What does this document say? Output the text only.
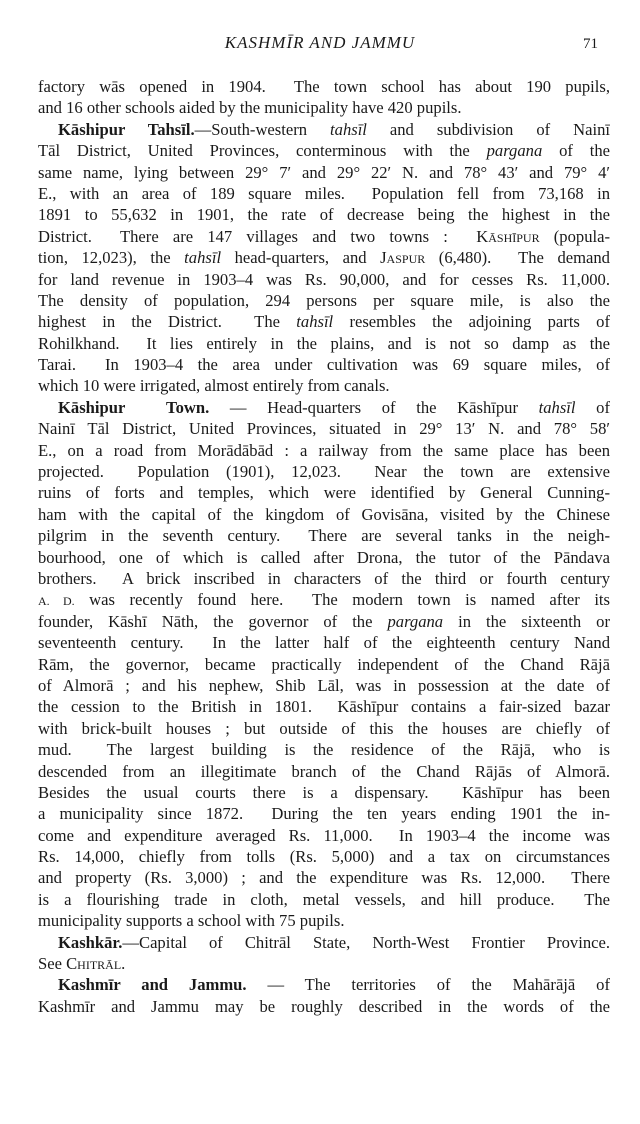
KASHMĪR AND JAMMU	71
factory wās opened in 1904.  The town school has about 190 pupils,
and 16 other schools aided by the municipality have 420 pupils.
Kāshipur Tahsīl.—South-western tahsīl and subdivision of Nainī
Tāl District, United Provinces, conterminous with the pargana of the
same name, lying between 29° 7′ and 29° 22′ N. and 78° 43′ and 79° 4′
E., with an area of 189 square miles.  Population fell from 73,168 in
1891 to 55,632 in 1901, the rate of decrease being the highest in the
District.  There are 147 villages and two towns :  Kāshīpur (popula-
tion, 12,023), the tahsīl head-quarters, and Jaspur (6,480).  The demand
for land revenue in 1903–4 was Rs. 90,000, and for cesses Rs. 11,000.
The density of population, 294 persons per square mile, is also the
highest in the District.  The tahsīl resembles the adjoining parts of
Rohilkhand.  It lies entirely in the plains, and is not so damp as the
Tarai.  In 1903–4 the area under cultivation was 69 square miles, of
which 10 were irrigated, almost entirely from canals.
Kāshipur  Town. — Head-quarters of the Kāshīpur tahsīl of
Nainī Tāl District, United Provinces, situated in 29° 13′ N. and 78° 58′
E., on a road from Morādābād : a railway from the same place has been
projected.  Population (1901), 12,023.  Near the town are extensive
ruins of forts and temples, which were identified by General Cunning-
ham with the capital of the kingdom of Govisāna, visited by the Chinese
pilgrim in the seventh century.  There are several tanks in the neigh-
bourhood, one of which is called after Drona, the tutor of the Pāndava
brothers.  A brick inscribed in characters of the third or fourth century
A. D. was recently found here.  The modern town is named after its
founder, Kāshī Nāth, the governor of the pargana in the sixteenth or
seventeenth century.  In the latter half of the eighteenth century Nand
Rām, the governor, became practically independent of the Chand Rājā
of Almorā ; and his nephew, Shib Lāl, was in possession at the date of
the cession to the British in 1801.  Kāshīpur contains a fair-sized bazar
with brick-built houses ; but outside of this the houses are chiefly of
mud.  The largest building is the residence of the Rājā, who is
descended from an illegitimate branch of the Chand Rājās of Almorā.
Besides the usual courts there is a dispensary.  Kāshīpur has been
a municipality since 1872.  During the ten years ending 1901 the in-
come and expenditure averaged Rs. 11,000.  In 1903–4 the income was
Rs. 14,000, chiefly from tolls (Rs. 5,000) and a tax on circumstances
and property (Rs. 3,000) ; and the expenditure was Rs. 12,000.  There
is a flourishing trade in cloth, metal vessels, and hill produce.  The
municipality supports a school with 75 pupils.
Kashkār.—Capital of Chitrāl State, North-West Frontier Province.
See Chitrāl.
Kashmīr and Jammu. — The territories of the Mahārājā of
Kashmīr and Jammu may be roughly described in the words of the
